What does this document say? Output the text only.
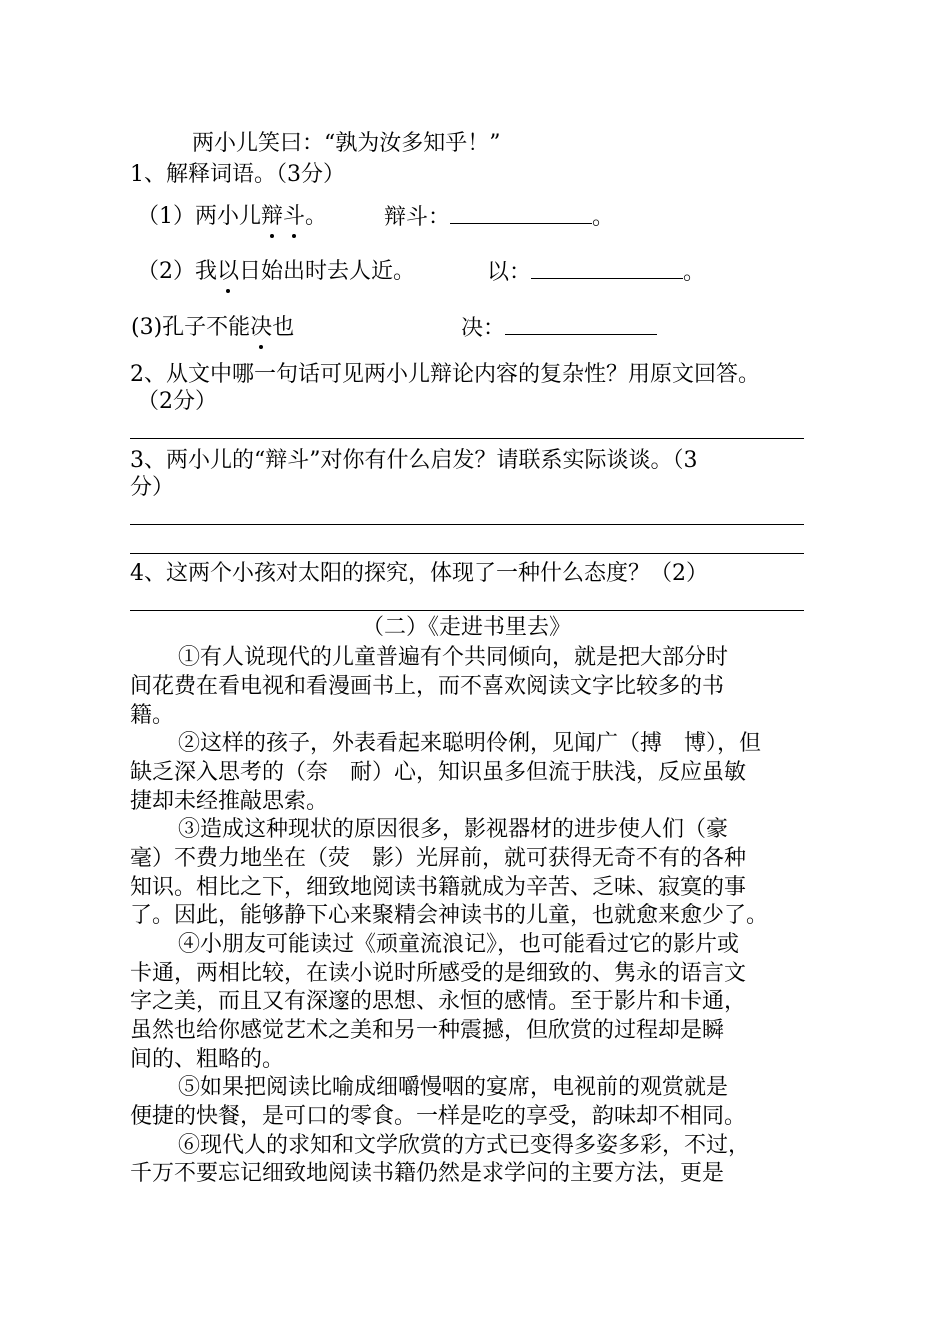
两小儿笑曰：“孰为汝多知乎！”
1、解释词语。（3分）
（1）两小儿辩斗。	辩斗：	。
（2）我以日始出时去人近。	以：	。
(3)孔子不能决也	决：
2、从文中哪一句话可见两小儿辩论内容的复杂性？用原文回答。
（2分）
3、两小儿的“辩斗”对你有什么启发？请联系实际谈谈。（3
分）
4、这两个小孩对太阳的探究，体现了一种什么态度？（2）
（二）《走进书里去》
①有人说现代的儿童普遍有个共同倾向，就是把大部分时
间花费在看电视和看漫画书上，而不喜欢阅读文字比较多的书
籍。
②这样的孩子，外表看起来聪明伶俐，见闻广（搏　博），但
缺乏深入思考的（奈　耐）心，知识虽多但流于肤浅，反应虽敏
捷却未经推敲思索。
③造成这种现状的原因很多，影视器材的进步使人们（豪
毫）不费力地坐在（荧　影）光屏前，就可获得无奇不有的各种
知识。相比之下，细致地阅读书籍就成为辛苦、乏味、寂寞的事
了。因此，能够静下心来聚精会神读书的儿童，也就愈来愈少了。
④小朋友可能读过《顽童流浪记》，也可能看过它的影片或
卡通，两相比较，在读小说时所感受的是细致的、隽永的语言文
字之美，而且又有深邃的思想、永恒的感情。至于影片和卡通，
虽然也给你感觉艺术之美和另一种震撼，但欣赏的过程却是瞬
间的、粗略的。
⑤如果把阅读比喻成细嚼慢咽的宴席，电视前的观赏就是
便捷的快餐，是可口的零食。一样是吃的享受，韵味却不相同。
⑥现代人的求知和文学欣赏的方式已变得多姿多彩，不过，
千万不要忘记细致地阅读书籍仍然是求学问的主要方法，更是
